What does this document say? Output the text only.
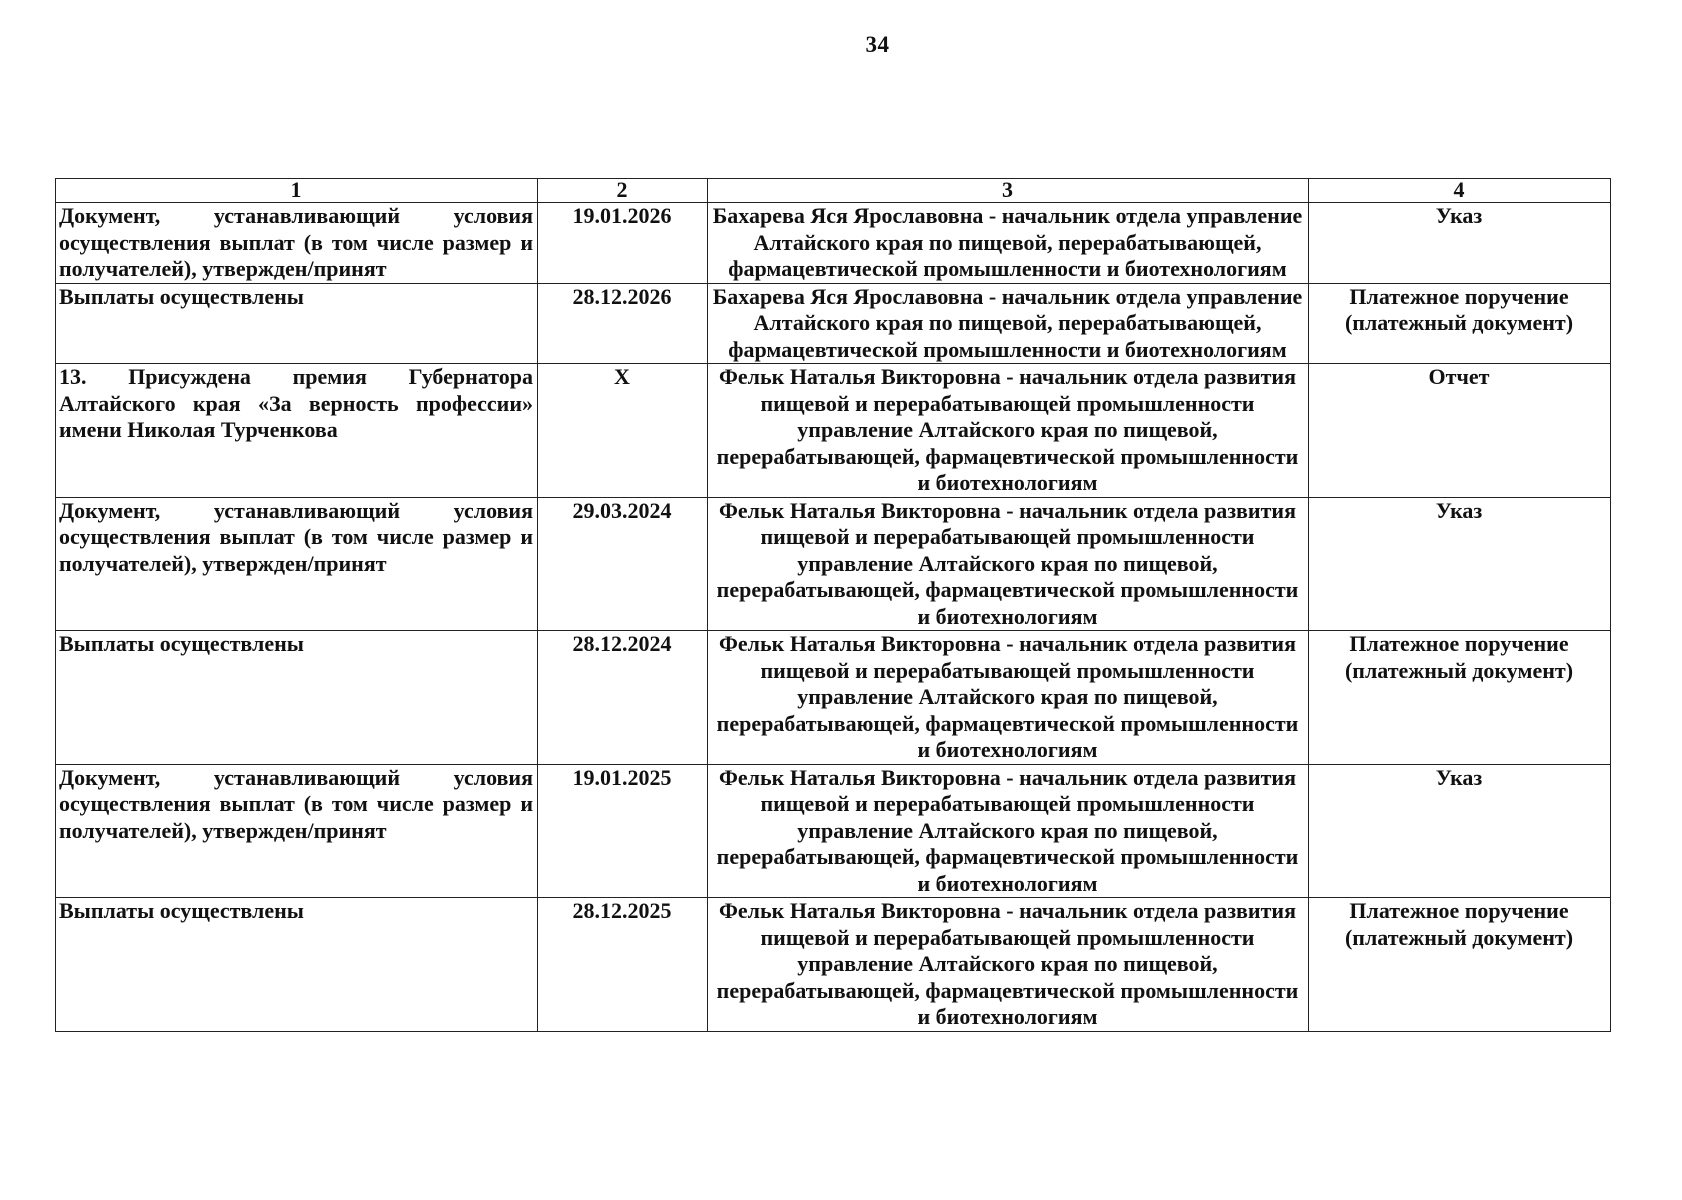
34
1	2	3	4
Документ, устанавливающий условия осуществления выплат (в том числе размер и получателей), утвержден/принят	19.01.2026	Бахарева Яся Ярославовна - начальник отдела управление Алтайского края по пищевой, перерабатывающей, фармацевтической промышленности и биотехнологиям	Указ
Выплаты осуществлены	28.12.2026	Бахарева Яся Ярославовна - начальник отдела управление Алтайского края по пищевой, перерабатывающей, фармацевтической промышленности и биотехнологиям	Платежное поручение (платежный документ)
13. Присуждена премия Губернатора Алтайского края «За верность профессии» имени Николая Турченкова	Х	Фельк Наталья Викторовна - начальник отдела развития пищевой и перерабатывающей промышленности управление Алтайского края по пищевой, перерабатывающей, фармацевтической промышленности и биотехнологиям	Отчет
Документ, устанавливающий условия осуществления выплат (в том числе размер и получателей), утвержден/принят	29.03.2024	Фельк Наталья Викторовна - начальник отдела развития пищевой и перерабатывающей промышленности управление Алтайского края по пищевой, перерабатывающей, фармацевтической промышленности и биотехнологиям	Указ
Выплаты осуществлены	28.12.2024	Фельк Наталья Викторовна - начальник отдела развития пищевой и перерабатывающей промышленности управление Алтайского края по пищевой, перерабатывающей, фармацевтической промышленности и биотехнологиям	Платежное поручение (платежный документ)
Документ, устанавливающий условия осуществления выплат (в том числе размер и получателей), утвержден/принят	19.01.2025	Фельк Наталья Викторовна - начальник отдела развития пищевой и перерабатывающей промышленности управление Алтайского края по пищевой, перерабатывающей, фармацевтической промышленности и биотехнологиям	Указ
Выплаты осуществлены	28.12.2025	Фельк Наталья Викторовна - начальник отдела развития пищевой и перерабатывающей промышленности управление Алтайского края по пищевой, перерабатывающей, фармацевтической промышленности и биотехнологиям	Платежное поручение (платежный документ)
